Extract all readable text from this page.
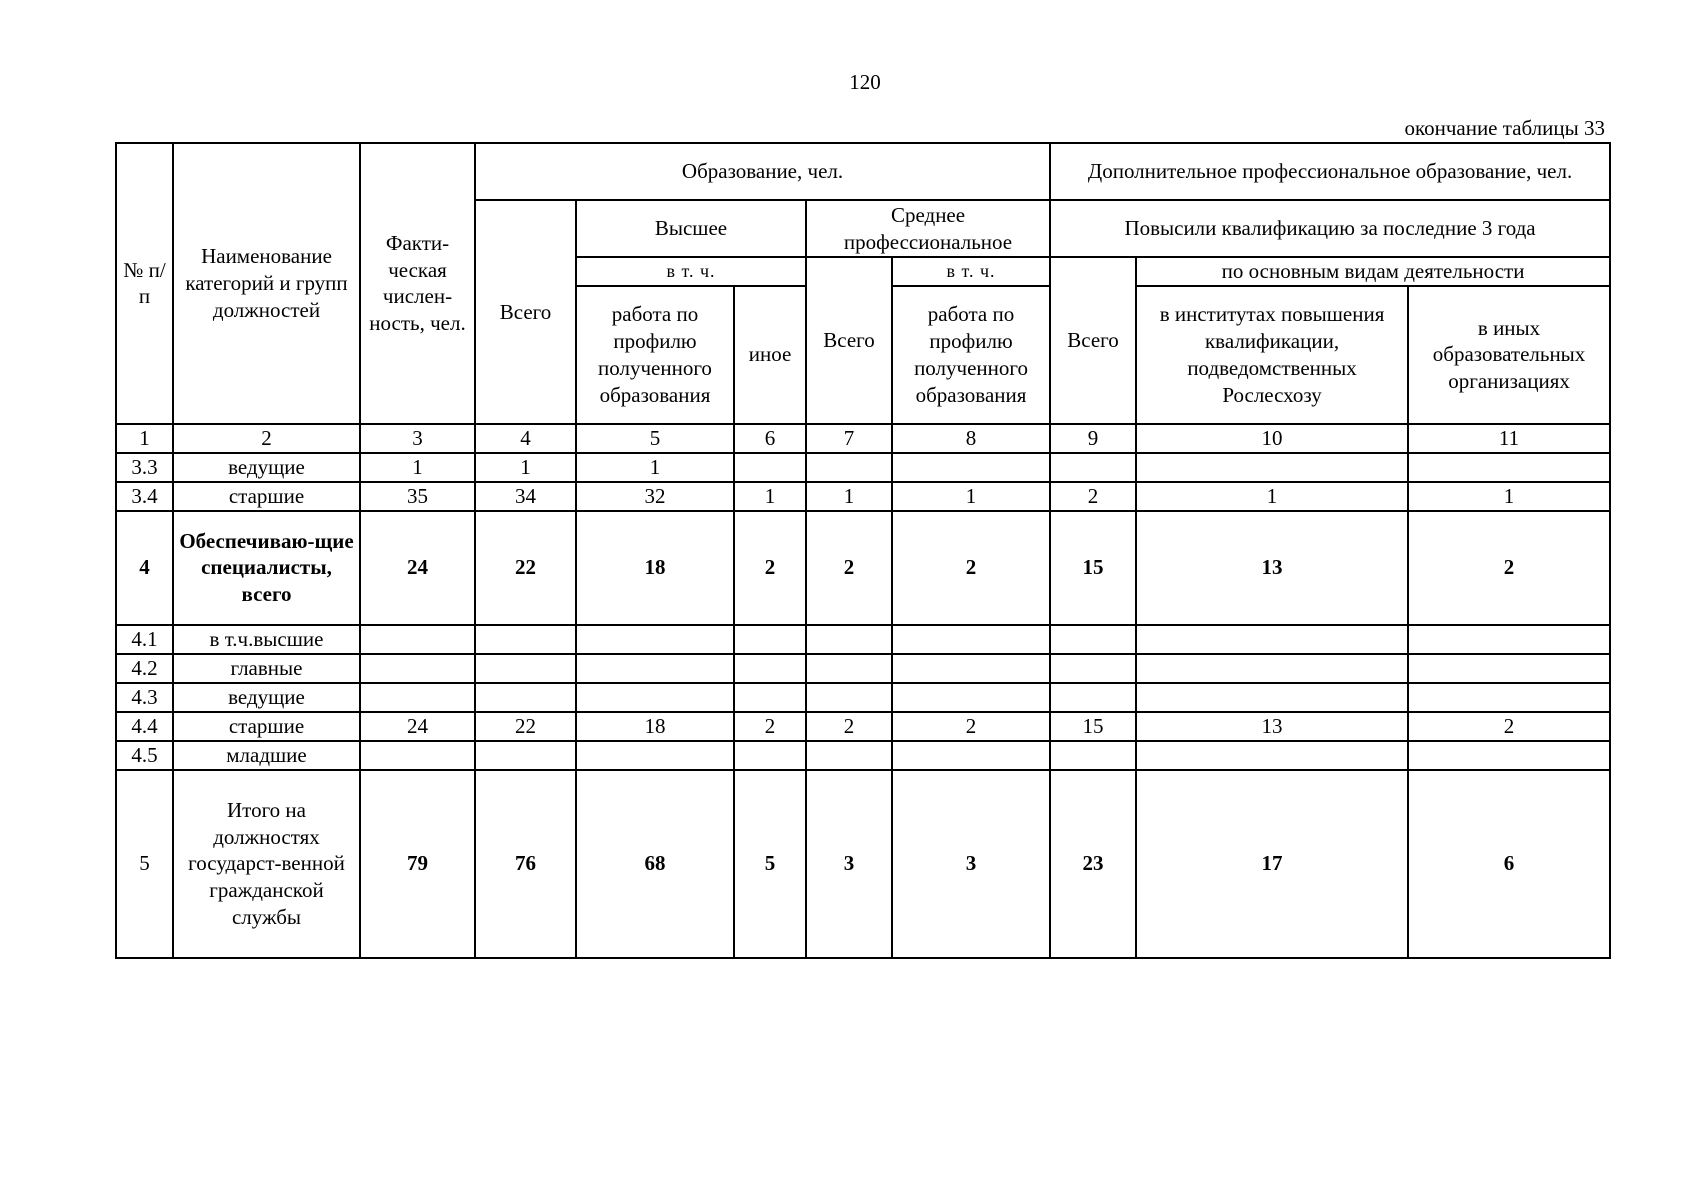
120
окончание таблицы 33
№ п/п	Наименование категорий и групп должностей	Факти-ческая числен-ность, чел.	Образование, чел.					Дополнительное профессиональное образование, чел.		
			Всего	Высшее		Среднее профессиональное		Повысили квалификацию за последние 3 года		
				в т. ч.		Всего	в т. ч.	Всего	по основным видам деятельности	
				работа по профилю полученного образования	иное		работа по профилю полученного образования		в институтах повышения квалификации, подведомственных Рослесхозу	в иных образовательных организациях
1	2	3	4	5	6	7	8	9	10	11
3.3	ведущие	1	1	1						
3.4	старшие	35	34	32	1	1	1	2	1	1
4	Обеспечиваю-щие специалисты, всего	24	22	18	2	2	2	15	13	2
4.1	в т.ч.высшие									
4.2	главные									
4.3	ведущие									
4.4	старшие	24	22	18	2	2	2	15	13	2
4.5	младшие									
5	Итого на должностях государст-венной гражданской службы	79	76	68	5	3	3	23	17	6
